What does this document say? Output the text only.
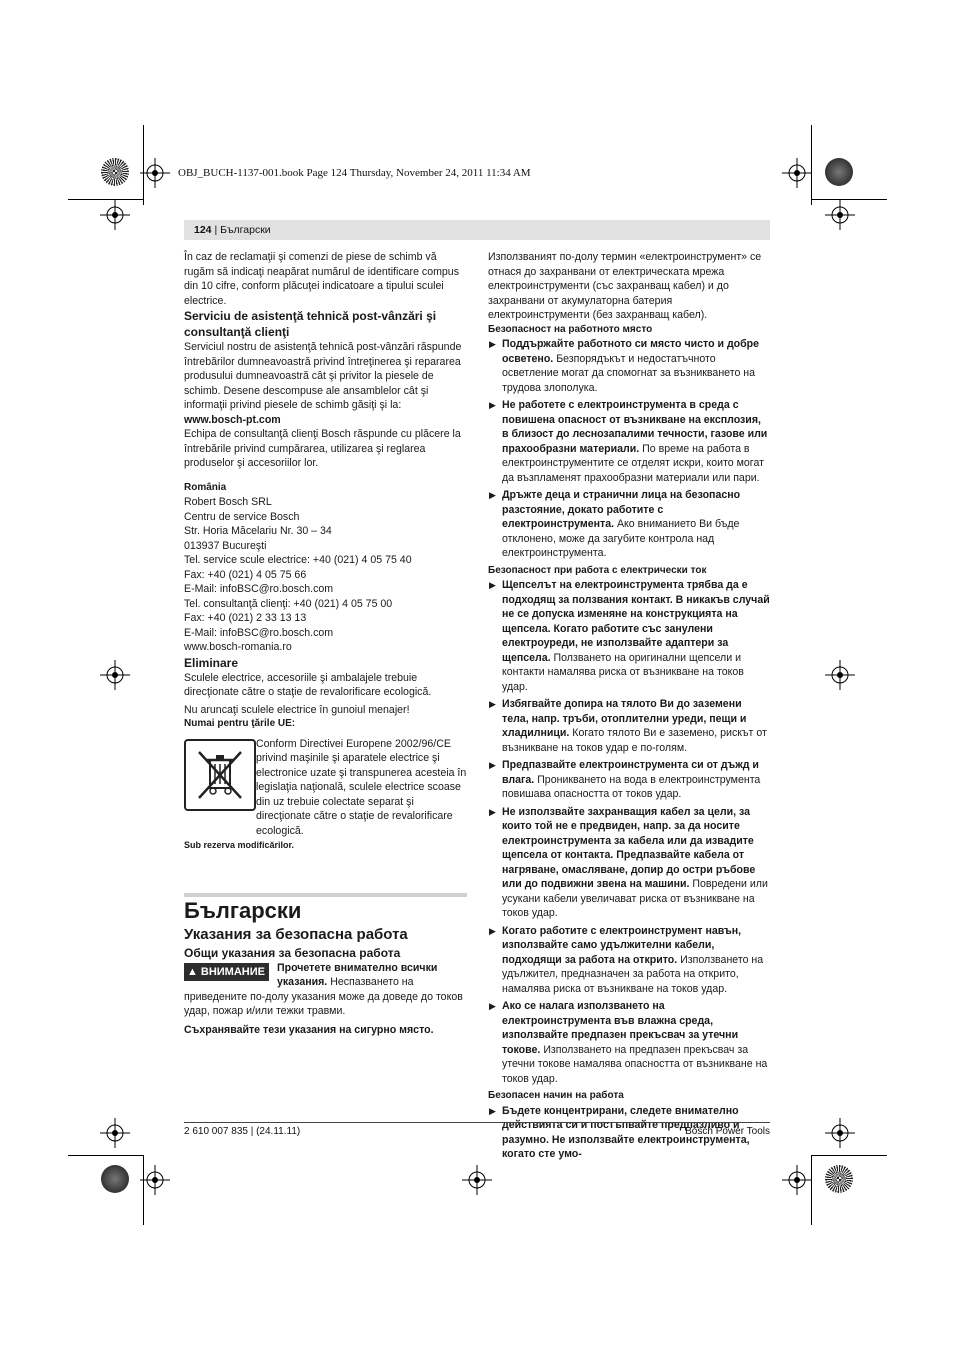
OBJ_BUCH-1137-001.book Page 124 Thursday, November 24, 2011 11:34 AM
124 | Български

În caz de reclamaţii şi comenzi de piese de schimb vă rugăm să indicaţi neapărat numărul de identificare compus din 10 cifre, conform plăcuţei indicatoare a tipului sculei electrice.

Serviciu de asistenţă tehnică post-vânzări şi consultanţă clienţi

Serviciul nostru de asistenţă tehnică post-vânzări răspunde întrebărilor dumneavoastră privind întreţinerea şi repararea produsului dumneavoastră cât şi privitor la piesele de schimb. Desene descompuse ale ansamblelor cât şi informaţii privind piesele de schimb găsiţi şi la:

www.bosch-pt.com

Echipa de consultanţă clienţi Bosch răspunde cu plăcere la întrebările privind cumpărarea, utilizarea şi reglarea produselor şi accesoriilor lor.

România

Robert Bosch SRL

Centru de service Bosch

Str. Horia Măcelariu Nr. 30 – 34

013937 Bucureşti

Tel. service scule electrice: +40 (021) 4 05 75 40

Fax: +40 (021) 4 05 75 66

E-Mail: infoBSC@ro.bosch.com

Tel. consultanţă clienţi: +40 (021) 4 05 75 00

Fax: +40 (021) 2 33 13 13

E-Mail: infoBSC@ro.bosch.com

www.bosch-romania.ro

Eliminare

Sculele electrice, accesoriile şi ambalajele trebuie direcţionate către o staţie de revalorificare ecologică.

Nu aruncaţi sculele electrice în gunoiul menajer!

Numai pentru ţările UE:

Conform Directivei Europene 2002/96/CE privind maşinile şi aparatele electrice şi electronice uzate şi transpunerea acesteia în legislaţia naţională, sculele electrice scoase din uz trebuie colectate separat şi direcţionate către o staţie de revalorificare ecologică.

Sub rezerva modificărilor.

Български

Указания за безопасна работа

Общи указания за безопасна работа

▲ ВНИМАНИЕ	Прочетете внимателно всички указания. Неспазването на приведените по-долу указания може да доведе до токов удар, пожар и/или тежки травми.

Съхранявайте тези указания на сигурно място.

Използваният по-долу термин «електроинструмент» се отнася до захранвани от електрическата мрежа електроинструменти (със захранващ кабел) и до захранвани от акумулаторна батерия електроинструменти (без захранващ кабел).

Безопасност на работното място

▶ Поддържайте работното си място чисто и добре осветено. Безпорядъкът и недостатъчното осветление могат да спомогнат за възникването на трудова злополука.
▶ Не работете с електроинструмента в среда с повишена опасност от възникване на експлозия, в близост до леснозапалими течности, газове или прахообразни материали. По време на работа в електроинструментите се отделят искри, които могат да възпламенят прахообразни материали или пари.
▶ Дръжте деца и странични лица на безопасно разстояние, докато работите с електроинструмента. Ако вниманието Ви бъде отклонено, може да загубите контрола над електроинструмента.

Безопасност при работа с електрически ток

▶ Щепселът на електроинструмента трябва да е подходящ за ползвания контакт. В никакъв случай не се допуска изменяне на конструкцията на щепсела. Когато работите със занулени електроуреди, не използвайте адаптери за щепсела. Ползването на оригинални щепсели и контакти намалява риска от възникване на токов удар.
▶ Избягвайте допира на тялото Ви до заземени тела, напр. тръби, отоплителни уреди, пещи и хладилници. Когато тялото Ви е заземено, рискът от възникване на токов удар е по-голям.
▶ Предпазвайте електроинструмента си от дъжд и влага. Проникването на вода в електроинструмента повишава опасността от токов удар.
▶ Не използвайте захранващия кабел за цели, за които той не е предвиден, напр. за да носите електроинструмента за кабела или да извадите щепсела от контакта. Предпазвайте кабела от нагряване, омасляване, допир до остри ръбове или до подвижни звена на машини. Повредени или усукани кабели увеличават риска от възникване на токов удар.
▶ Когато работите с електроинструмент навън, използвайте само удължителни кабели, подходящи за работа на открито. Използването на удължител, предназначен за работа на открито, намалява риска от възникване на токов удар.
▶ Ако се налага използването на електроинструмента във влажна среда, използвайте предпазен прекъсвач за утечни токове. Използването на предпазен прекъсвач за утечни токове намалява опасността от възникване на токов удар.

Безопасен начин на работа

▶ Бъдете концентрирани, следете внимателно действията си и постъпвайте предпазливо и разумно. Не използвайте електроинструмента, когато сте умо-
2 610 007 835 | (24.11.11)	Bosch Power Tools
